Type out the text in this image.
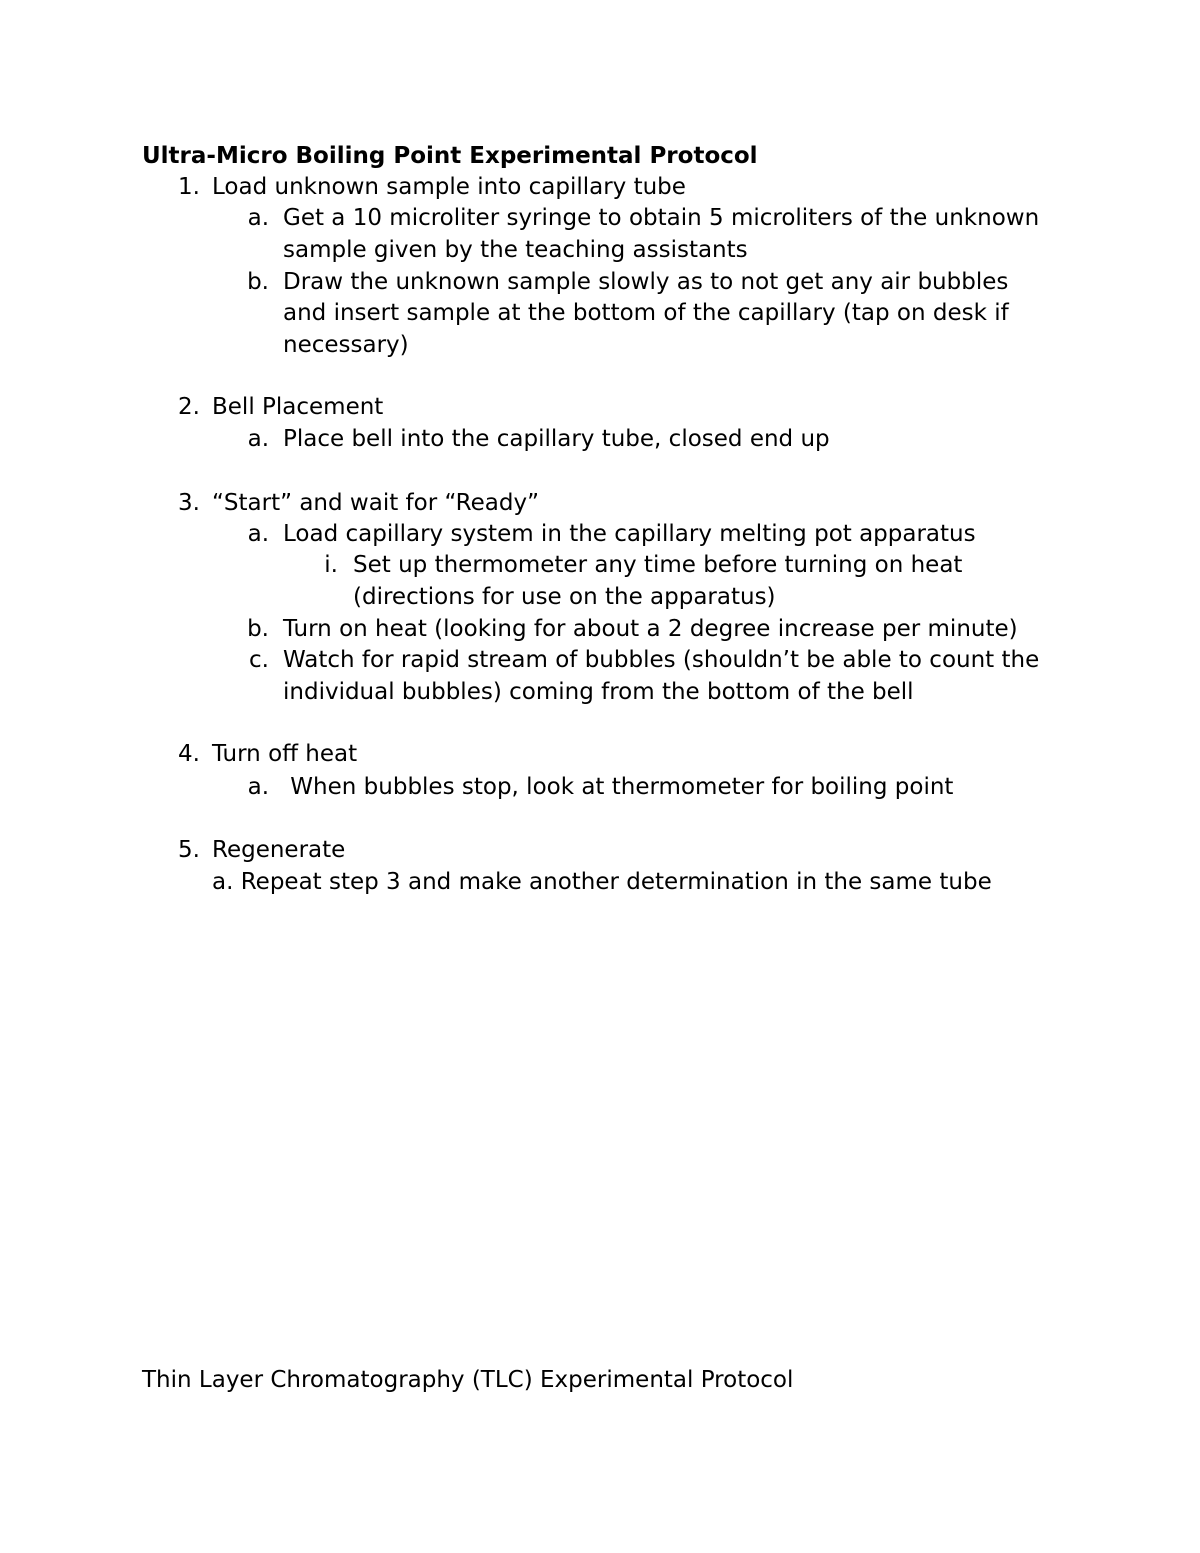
Ultra-Micro Boiling Point Experimental Protocol
1. Load unknown sample into capillary tube
a. Get a 10 microliter syringe to obtain 5 microliters of the unknown
sample given by the teaching assistants
b. Draw the unknown sample slowly as to not get any air bubbles
and insert sample at the bottom of the capillary (tap on desk if
necessary)
2. Bell Placement
a. Place bell into the capillary tube, closed end up
3. “Start” and wait for “Ready”
a. Load capillary system in the capillary melting pot apparatus
i. Set up thermometer any time before turning on heat
(directions for use on the apparatus)
b. Turn on heat (looking for about a 2 degree increase per minute)
c. Watch for rapid stream of bubbles (shouldn’t be able to count the
individual bubbles) coming from the bottom of the bell
4. Turn off heat
a. When bubbles stop, look at thermometer for boiling point
5. Regenerate
a. Repeat step 3 and make another determination in the same tube
Thin Layer Chromatography (TLC) Experimental Protocol
